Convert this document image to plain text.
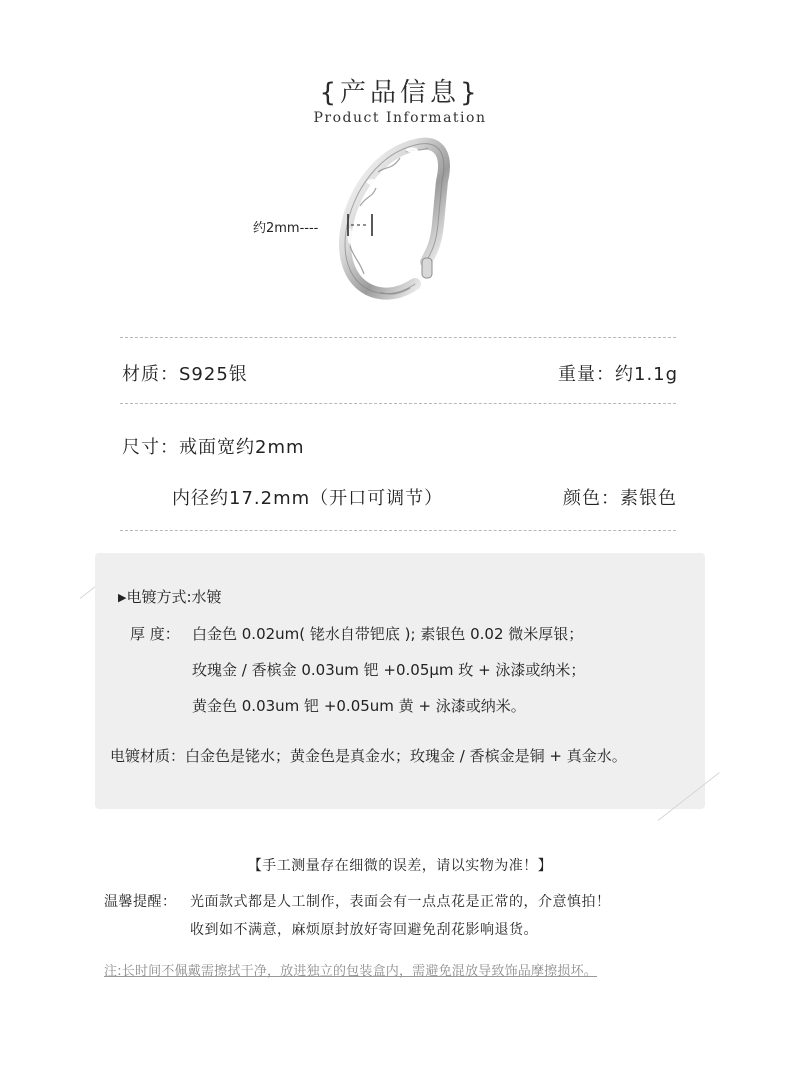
{产品信息}
Product Information
约2mm----
材质：S925银	重量：约1.1g
尺寸：戒面宽约2mm
内径约17.2mm（开口可调节）	颜色：素银色
▶电镀方式:水镀
厚 度： 白金色 0.02um( 铑水自带钯底 ); 素银色 0.02 微米厚银；
玫瑰金 / 香槟金 0.03um 钯 +0.05μm 玫 + 泳漆或纳米；
黄金色 0.03um 钯 +0.05um 黄 + 泳漆或纳米。
电镀材质：白金色是铑水；黄金色是真金水；玫瑰金 / 香槟金是铜 + 真金水。
【手工测量存在细微的误差，请以实物为准！】
温馨提醒： 光面款式都是人工制作，表面会有一点点花是正常的，介意慎拍！
收到如不满意，麻烦原封放好寄回避免刮花影响退货。
注:长时间不佩戴需擦拭干净，放进独立的包装盒内，需避免混放导致饰品摩擦损坏。
